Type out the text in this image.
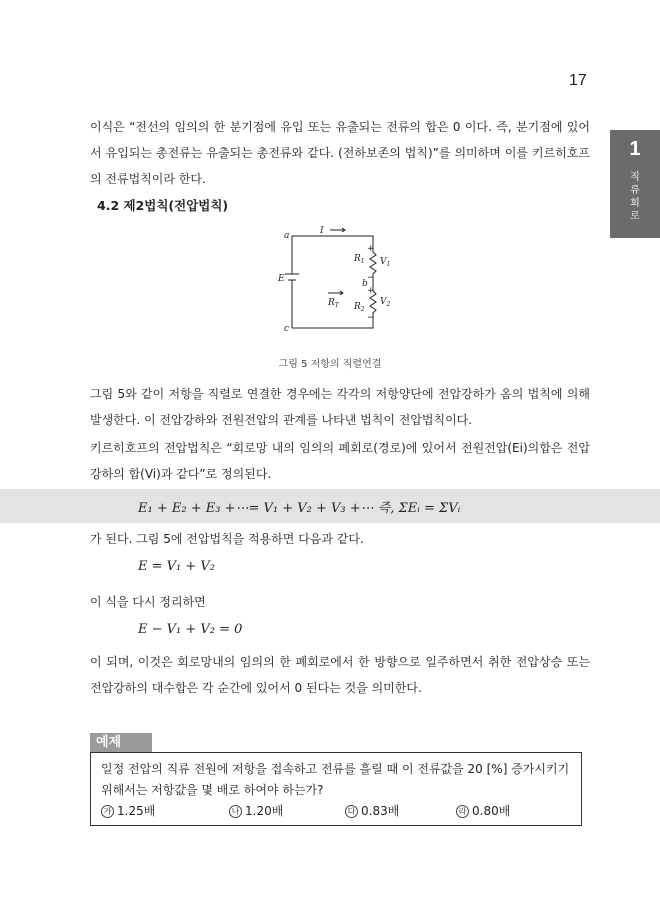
17
1
직류회로
이식은 “전선의 임의의 한 분기점에 유입 또는 유출되는 전류의 합은 0 이다. 즉, 분기점에 있어서 유입되는 총전류는 유출되는 총전류와 같다. (전하보존의 법칙)”를 의미하며 이를 키르히호프의 전류법칙이라 한다.
4.2 제2법칙(전압법칙)
a	I
E	b
c
$R_1$
$R_2$
$V_1$
$V_2$
$R_T$
+
−
+
−
그림 5 저항의 직렬연결
그림 5와 같이 저항을 직렬로 연결한 경우에는 각각의 저항양단에 전압강하가 옴의 법칙에 의해 발생한다. 이 전압강하와 전원전압의 관계를 나타낸 법칙이 전압법칙이다.
키르히호프의 전압법칙은 “회로망 내의 임의의 폐회로(경로)에 있어서 전원전압(Ei)의합은 전압강하의 합(Vi)과 같다”로 정의된다.
E₁ + E₂ + E₃ +⋯= V₁ + V₂ + V₃ +⋯ 즉, ΣEᵢ = ΣVᵢ
가 된다. 그림 5에 전압법칙을 적용하면 다음과 같다.
E = V₁ + V₂
이 식을 다시 정리하면
E − V₁ + V₂ = 0
이 되며, 이것은 회로망내의 임의의 한 폐회로에서 한 방향으로 일주하면서 취한 전압상승 또는 전압강하의 대수합은 각 순간에 있어서 0 된다는 것을 의미한다.
예제
일정 전압의 직류 전원에 저항을 접속하고 전류를 흘릴 때 이 전류값을 20 [%] 증가시키기 위해서는 저항값을 몇 배로 하여야 하는가?
가 1.25배	나 1.20배	다 0.83배	라 0.80배
